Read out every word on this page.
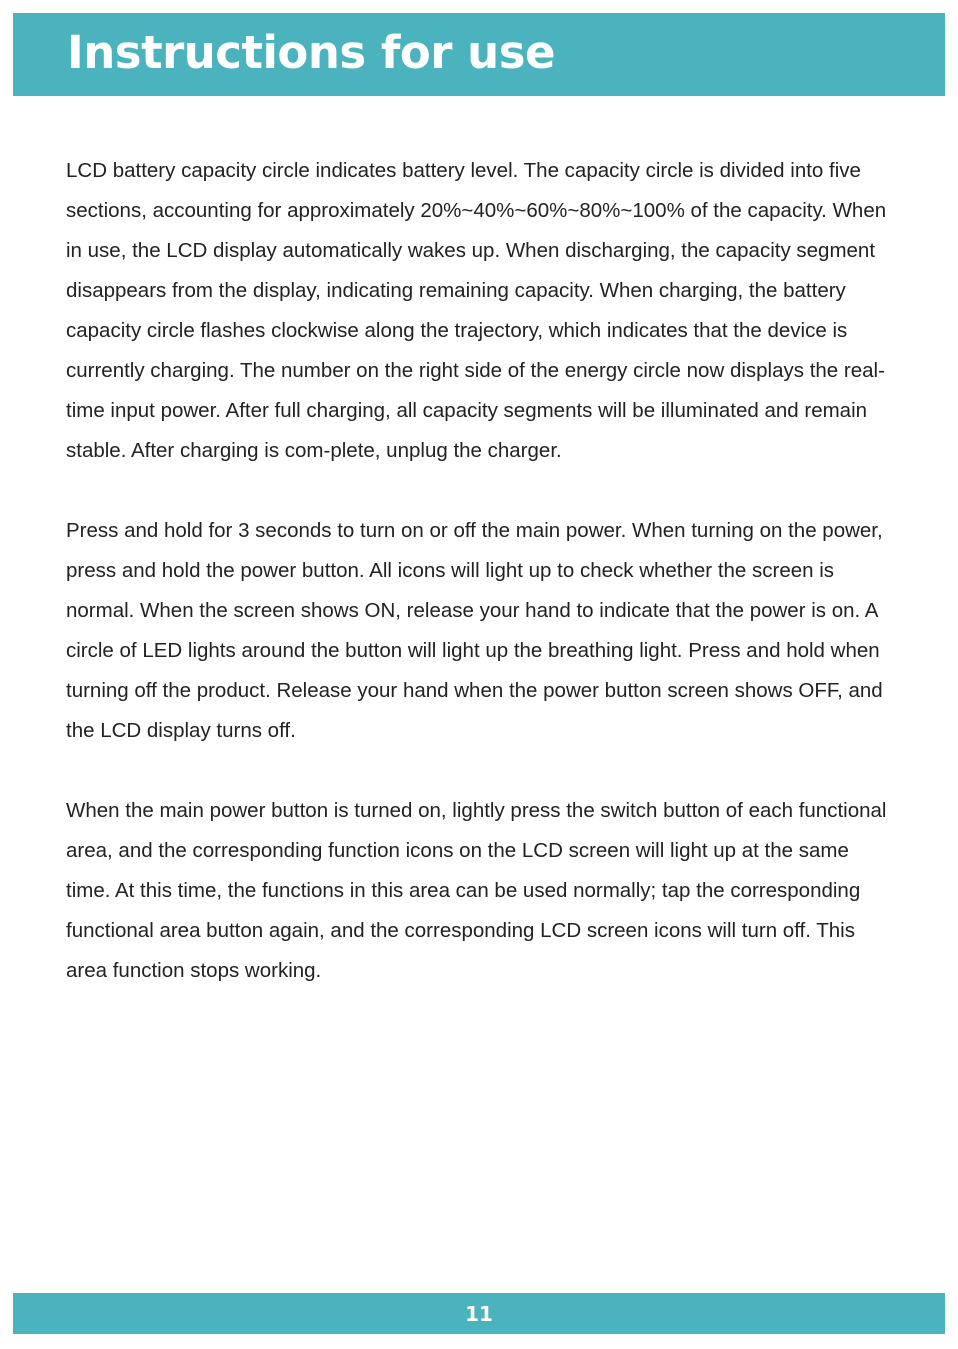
Instructions for use

LCD battery capacity circle indicates battery level. The capacity circle is divided into five sections, accounting for approximately 20%~40%~60%~80%~100% of the capacity. When in use, the LCD display automatically wakes up. When discharging, the capacity segment disappears from the display, indicating remaining capacity. When charging, the battery capacity circle flashes clockwise along the trajectory, which indicates that the device is currently charging. The number on the right side of the energy circle now displays the real-time input power. After full charging, all capacity segments will be illuminated and remain stable. After charging is com-plete, unplug the charger.

Press and hold for 3 seconds to turn on or off the main power. When turning on the power, press and hold the power button. All icons will light up to check whether the screen is normal. When the screen shows ON, release your hand to indicate that the power is on. A circle of LED lights around the button will light up the breathing light. Press and hold when turning off the product. Release your hand when the power button screen shows OFF, and the LCD display turns off.

When the main power button is turned on, lightly press the switch button of each functional area, and the corresponding function icons on the LCD screen will light up at the same time. At this time, the functions in this area can be used normally; tap the corresponding functional area button again, and the corresponding LCD screen icons will turn off. This area function stops working.

11
